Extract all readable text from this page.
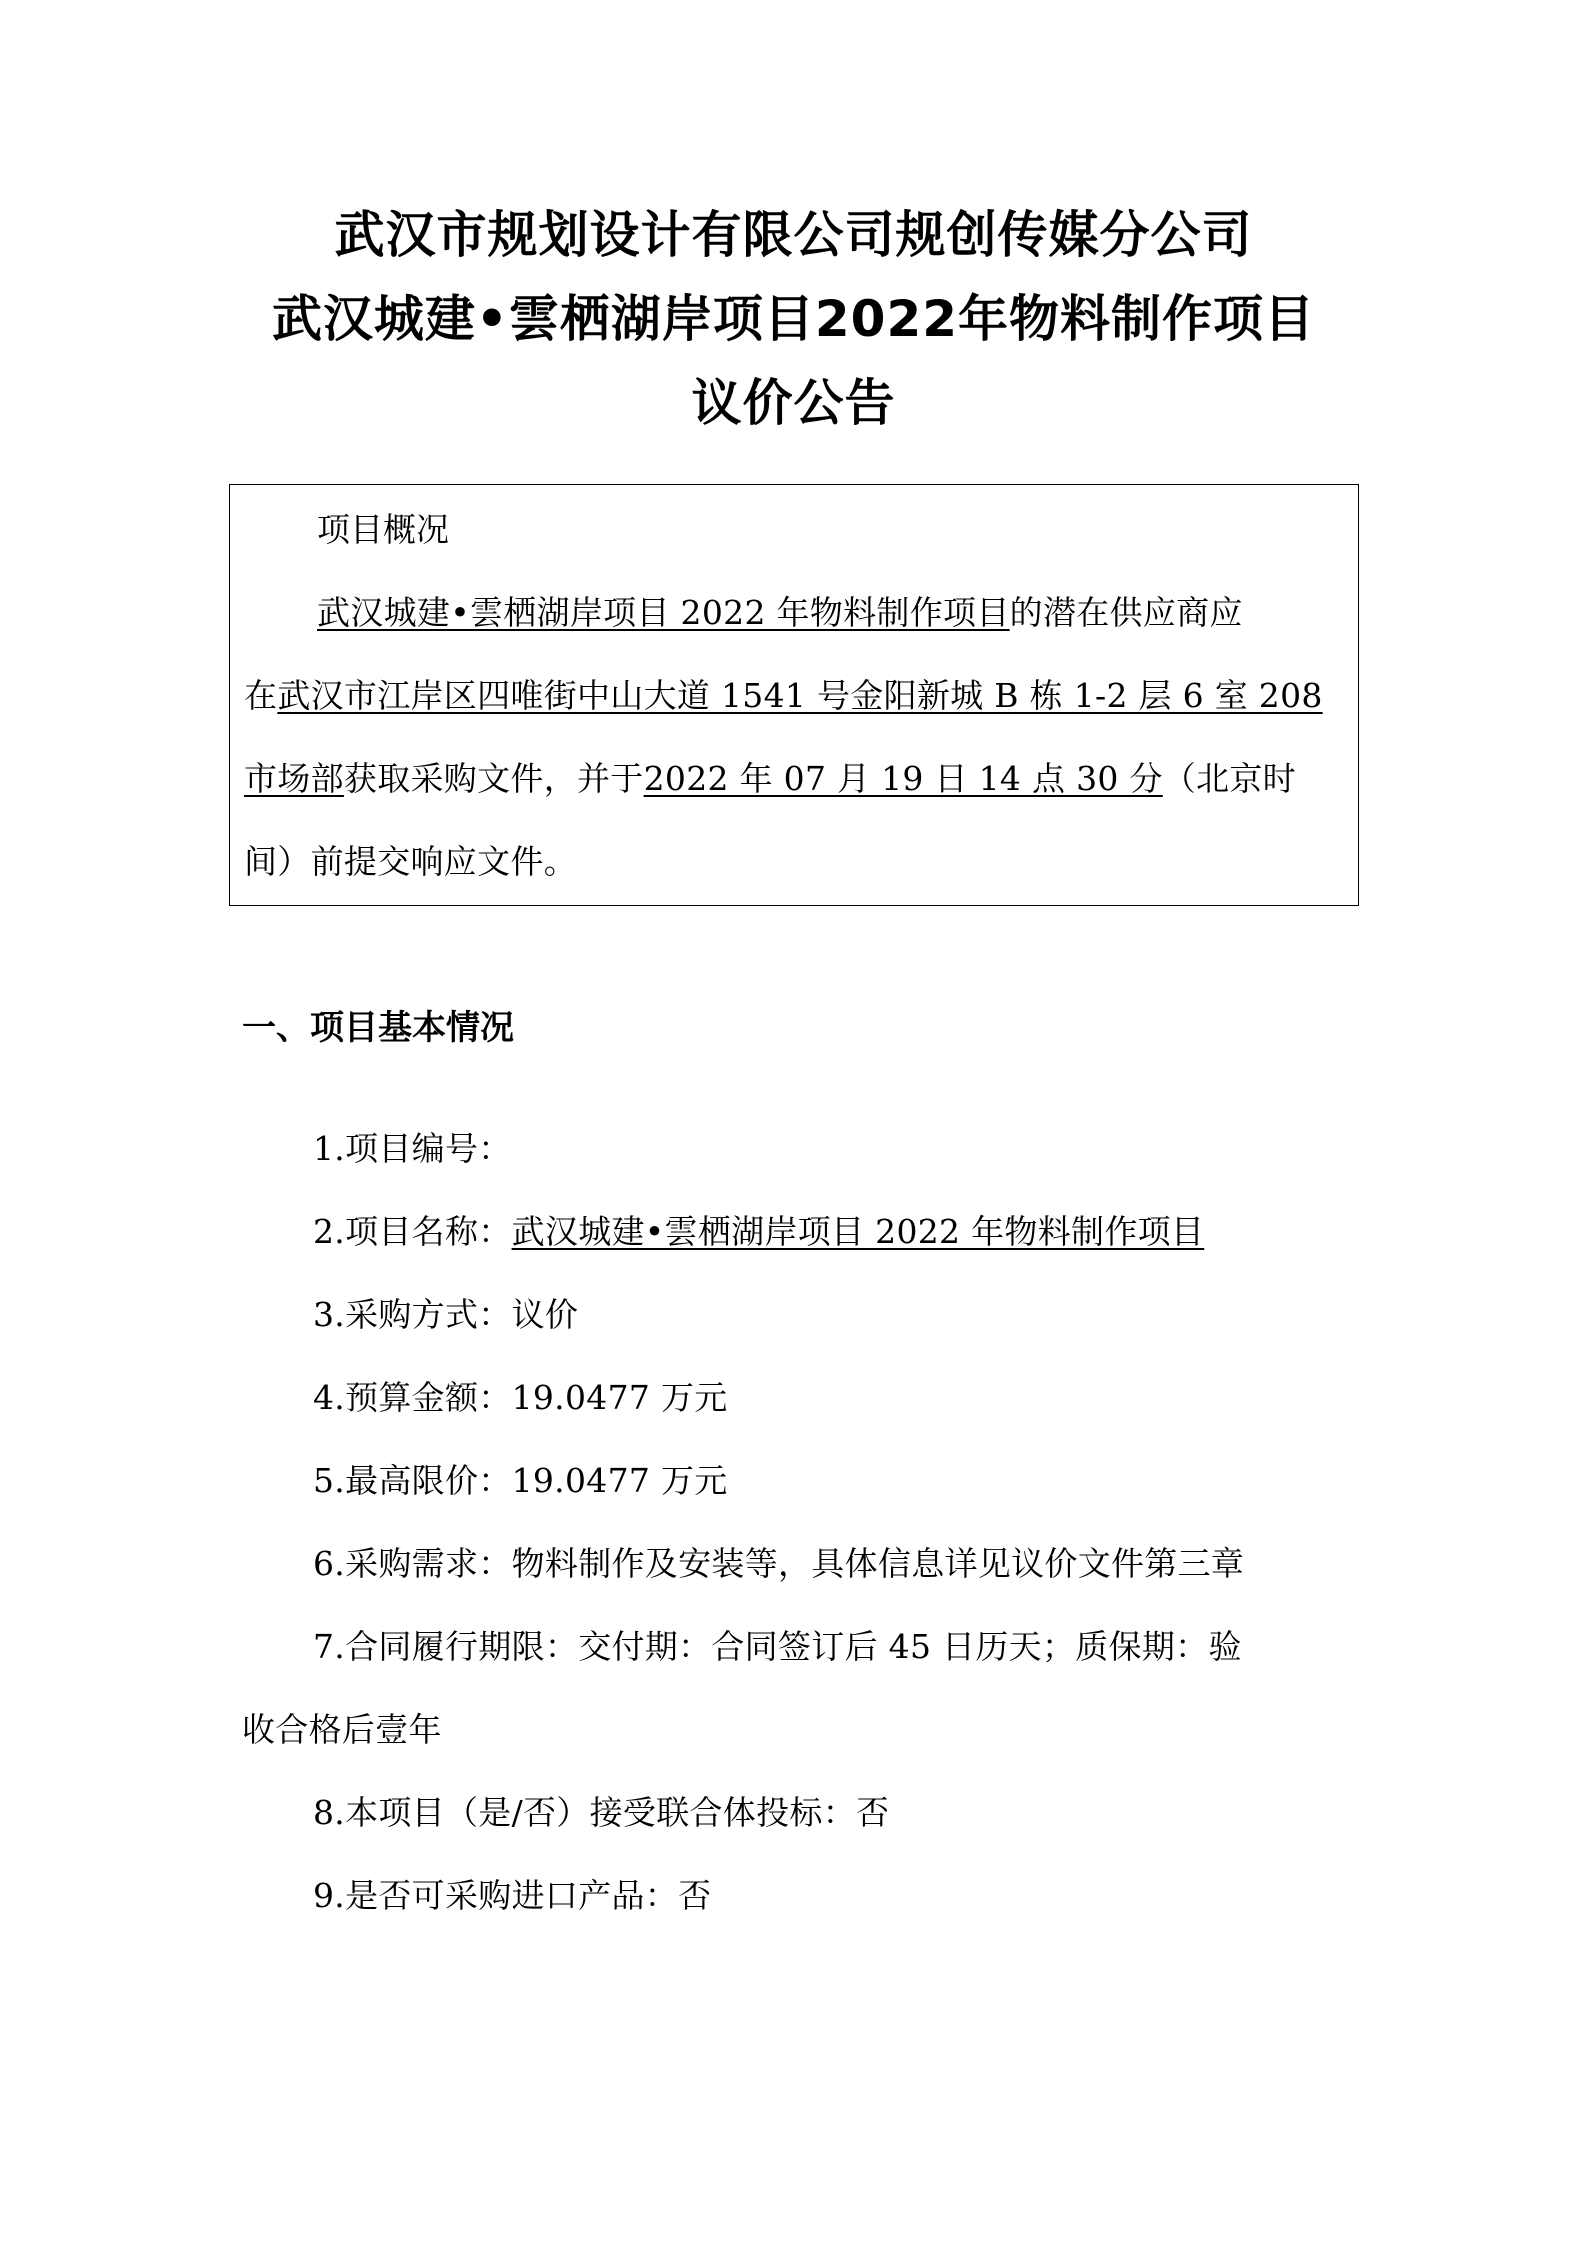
武汉市规划设计有限公司规创传媒分公司
武汉城建•雲栖湖岸项目2022年物料制作项目
议价公告
项目概况
武汉城建•雲栖湖岸项目 2022 年物料制作项目的潜在供应商应
在武汉市江岸区四唯街中山大道 1541 号金阳新城 B 栋 1-2 层 6 室 208
市场部获取采购文件，并于2022 年 07 月 19 日 14 点 30 分（北京时
间）前提交响应文件。
一、项目基本情况
1.项目编号：
2.项目名称：武汉城建•雲栖湖岸项目 2022 年物料制作项目
3.采购方式：议价
4.预算金额：19.0477 万元
5.最高限价：19.0477 万元
6.采购需求：物料制作及安装等，具体信息详见议价文件第三章
7.合同履行期限：交付期：合同签订后 45 日历天；质保期：验
收合格后壹年
8.本项目（是/否）接受联合体投标：否
9.是否可采购进口产品：否
